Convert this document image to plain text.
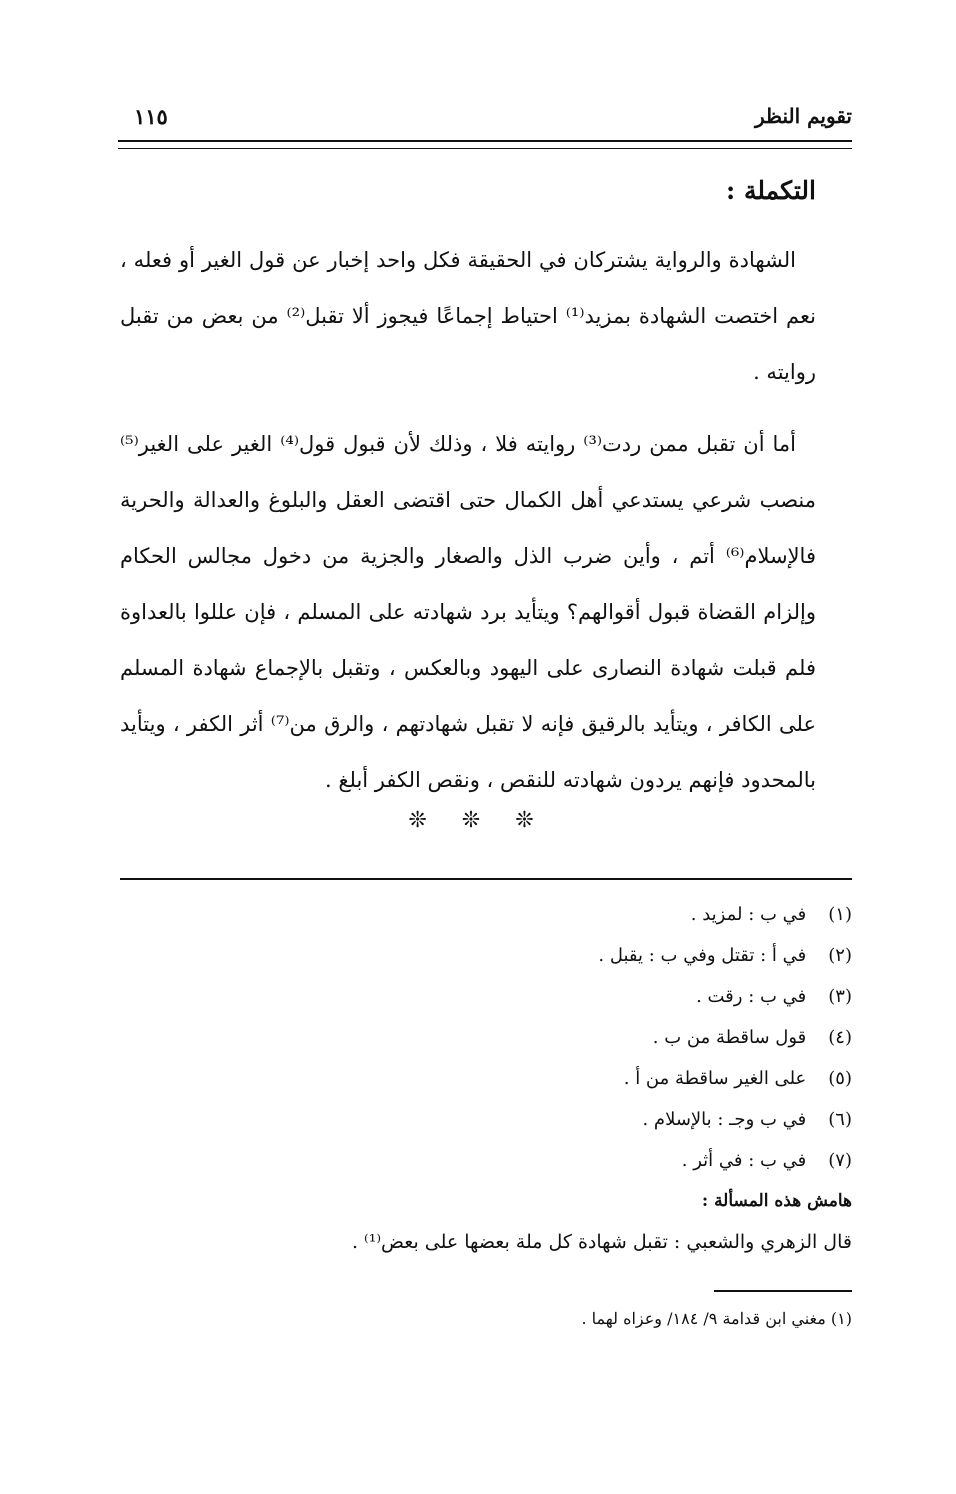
تقويم النظر
١١٥
التكملة :

الشهادة والرواية يشتركان في الحقيقة فكل واحد إخبار عن قول الغير أو فعله ، نعم اختصت الشهادة بمزيد⁽¹⁾ احتياط إجماعًا فيجوز ألا تقبل⁽²⁾ من بعض من تقبل روايته .

أما أن تقبل ممن ردت⁽³⁾ روايته فلا ، وذلك لأن قبول قول⁽⁴⁾ الغير على الغير⁽⁵⁾ منصب شرعي يستدعي أهل الكمال حتى اقتضى العقل والبلوغ والعدالة والحرية فالإسلام⁽⁶⁾ أتم ، وأين ضرب الذل والصغار والجزية من دخول مجالس الحكام وإلزام القضاة قبول أقوالهم؟ ويتأيد برد شهادته على المسلم ، فإن عللوا بالعداوة فلم قبلت شهادة النصارى على اليهود وبالعكس ، وتقبل بالإجماع شهادة المسلم على الكافر ، ويتأيد بالرقيق فإنه لا تقبل شهادتهم ، والرق من⁽⁷⁾ أثر الكفر ، ويتأيد بالمحدود فإنهم يردون شهادته للنقص ، ونقص الكفر أبلغ .

❊ ❊ ❊

(١) في ب : لمزيد .

(٢) في أ : تقتل وفي ب : يقبل .

(٣) في ب : رقت .

(٤) قول ساقطة من ب .

(٥) على الغير ساقطة من أ .

(٦) في ب وجـ : بالإسلام .

(٧) في ب : في أثر .

هامش هذه المسألة :

قال الزهري والشعبي : تقبل شهادة كل ملة بعضها على بعض⁽¹⁾ .

(١) مغني ابن قدامة ٩/ ١٨٤/ وعزاه لهما .
